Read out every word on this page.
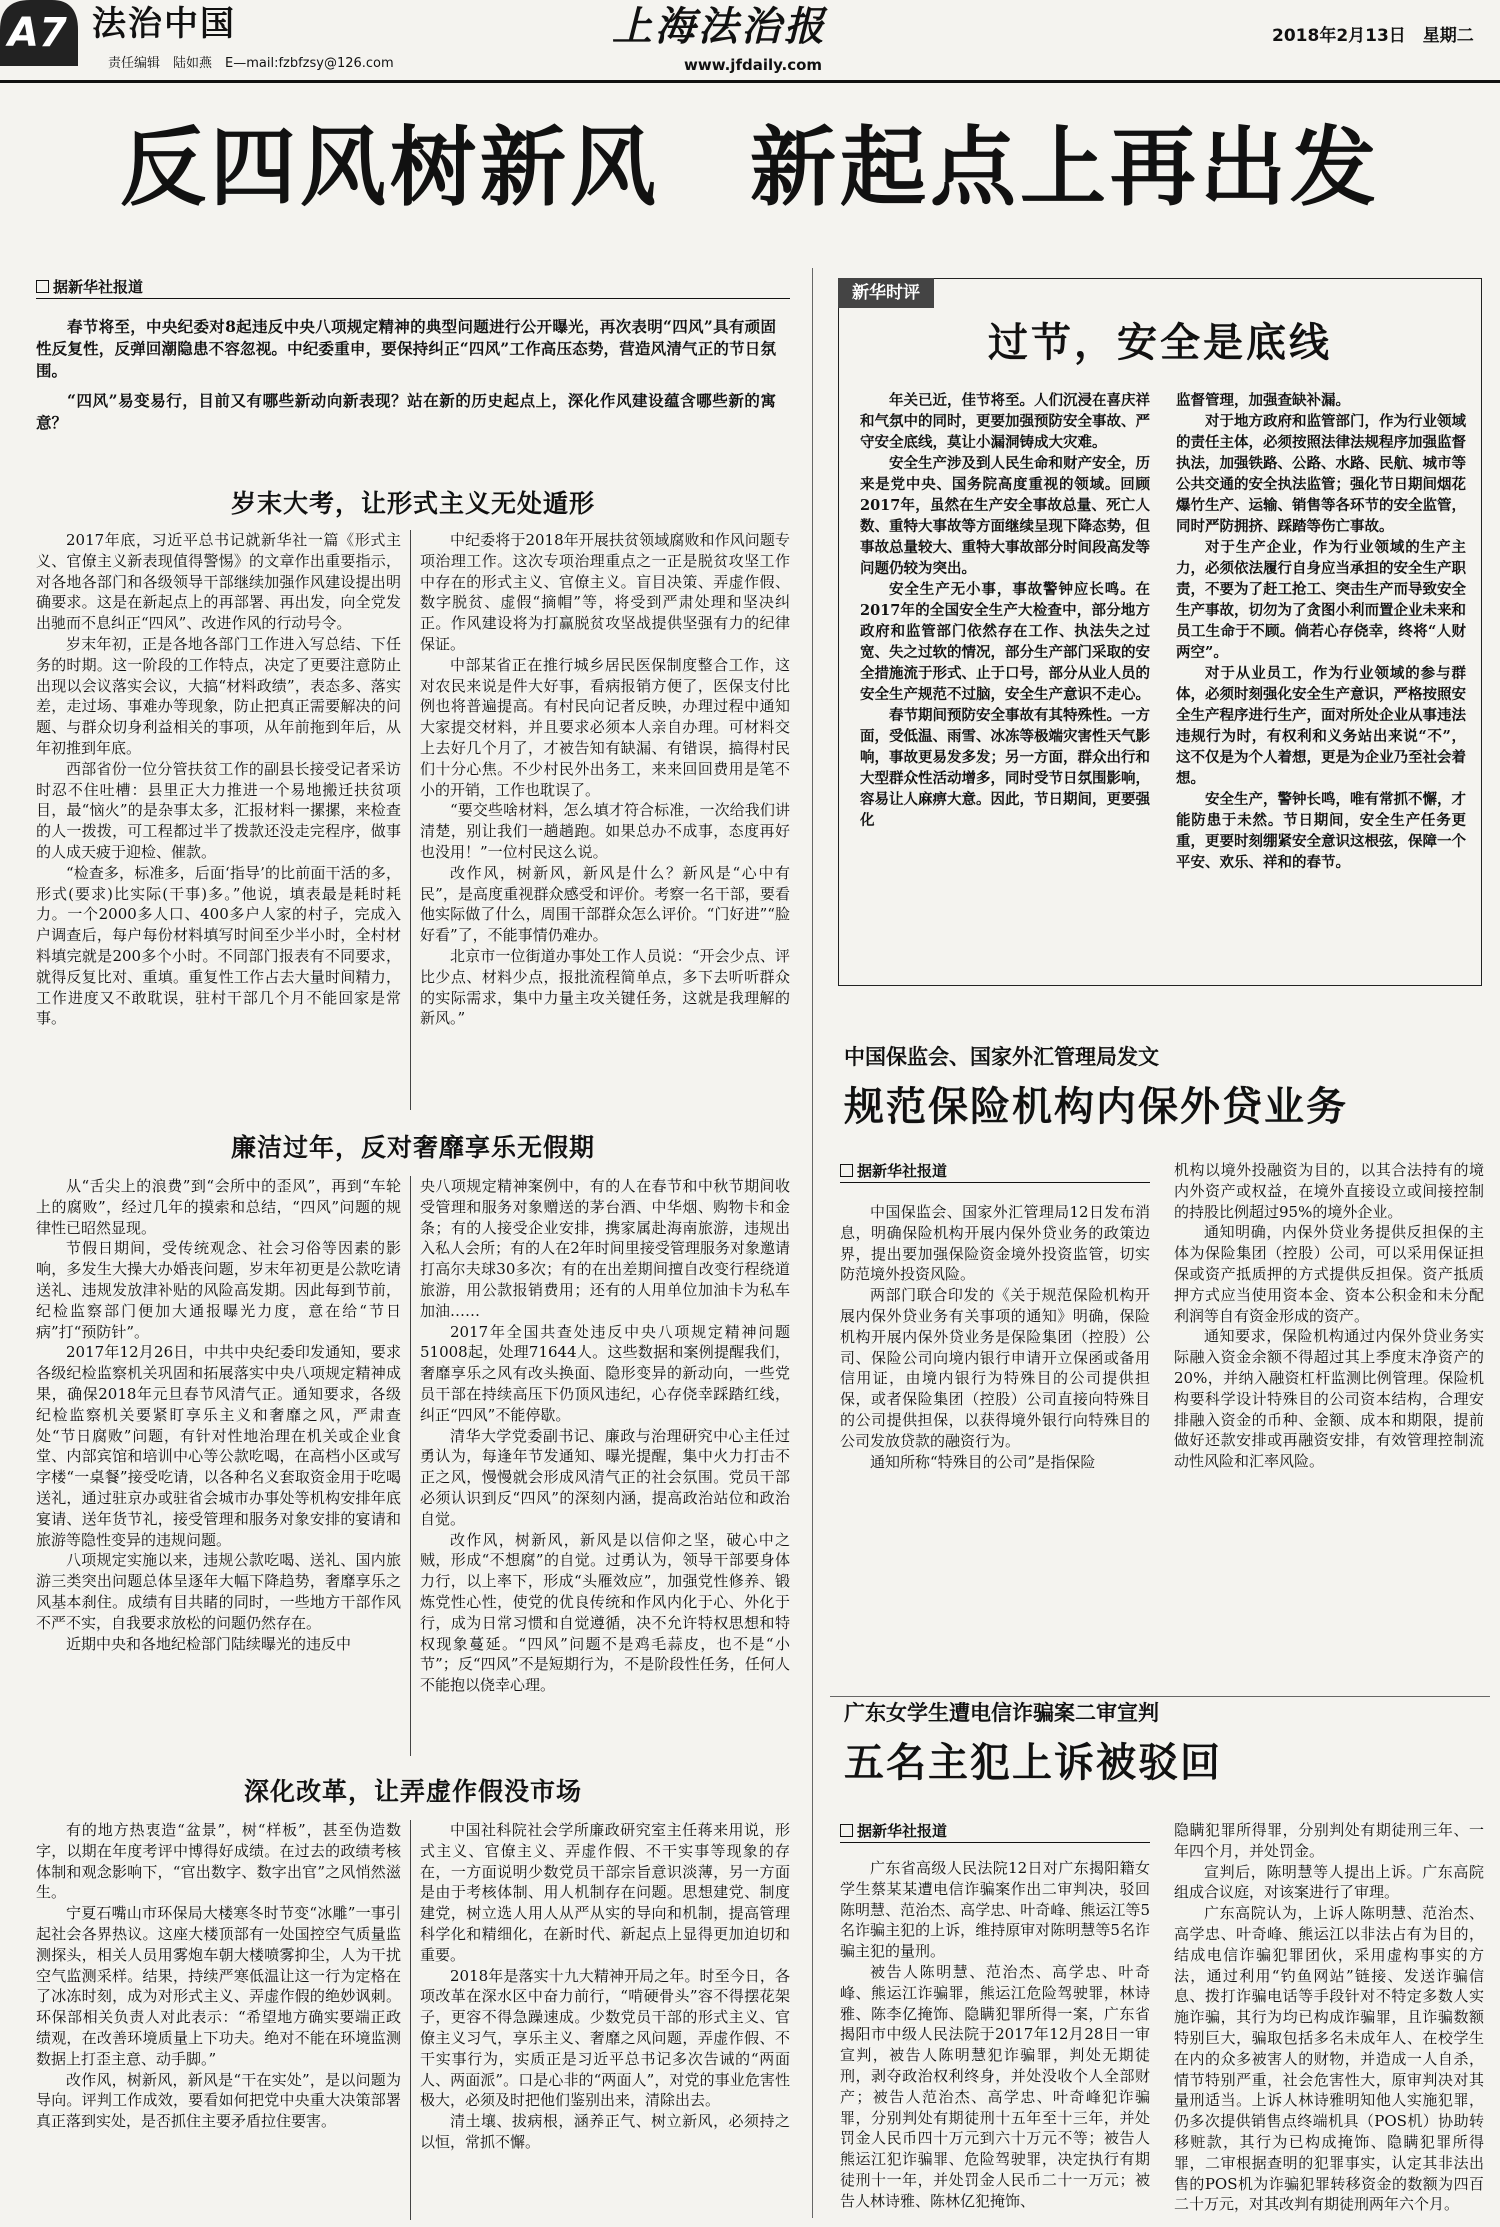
A7 法治中国
责任编辑　陆如燕　E—mail:fzbfzsy@126.com
上海法治报
www.jfdaily.com
2018年2月13日　星期二
反四风树新风　新起点上再出发
据新华社报道
春节将至，中央纪委对8起违反中央八项规定精神的典型问题进行公开曝光，再次表明“四风”具有顽固性反复性，反弹回潮隐患不容忽视。中纪委重申，要保持纠正“四风”工作高压态势，营造风清气正的节日氛围。
“四风”易变易行，目前又有哪些新动向新表现？站在新的历史起点上，深化作风建设蕴含哪些新的寓意？
岁末大考，让形式主义无处遁形

2017年底，习近平总书记就新华社一篇《形式主义、官僚主义新表现值得警惕》的文章作出重要指示，对各地各部门和各级领导干部继续加强作风建设提出明确要求。这是在新起点上的再部署、再出发，向全党发出驰而不息纠正“四风”、改进作风的行动号令。

岁末年初，正是各地各部门工作进入写总结、下任务的时期。这一阶段的工作特点，决定了更要注意防止出现以会议落实会议，大搞“材料政绩”，表态多、落实差，走过场、事难办等现象，防止把真正需要解决的问题、与群众切身利益相关的事项，从年前拖到年后，从年初推到年底。

西部省份一位分管扶贫工作的副县长接受记者采访时忍不住吐槽：县里正大力推进一个易地搬迁扶贫项目，最“恼火”的是杂事太多，汇报材料一摞摞，来检查的人一拨拨，可工程都过半了拨款还没走完程序，做事的人成天疲于迎检、催款。

“检查多，标准多，后面‘指导’的比前面干活的多，形式(要求)比实际(干事)多。”他说，填表最是耗时耗力。一个2000多人口、400多户人家的村子，完成入户调查后，每户每份材料填写时间至少半小时，全村材料填完就是200多个小时。不同部门报表有不同要求，就得反复比对、重填。重复性工作占去大量时间精力，工作进度又不敢耽误，驻村干部几个月不能回家是常事。

中纪委将于2018年开展扶贫领域腐败和作风问题专项治理工作。这次专项治理重点之一正是脱贫攻坚工作中存在的形式主义、官僚主义。盲目决策、弄虚作假、数字脱贫、虚假“摘帽”等，将受到严肃处理和坚决纠正。作风建设将为打赢脱贫攻坚战提供坚强有力的纪律保证。

中部某省正在推行城乡居民医保制度整合工作，这对农民来说是件大好事，看病报销方便了，医保支付比例也将普遍提高。有村民向记者反映，办理过程中通知大家提交材料，并且要求必须本人亲自办理。可材料交上去好几个月了，才被告知有缺漏、有错误，搞得村民们十分心焦。不少村民外出务工，来来回回费用是笔不小的开销，工作也耽误了。

“要交些啥材料，怎么填才符合标准，一次给我们讲清楚，别让我们一趟趟跑。如果总办不成事，态度再好也没用！”一位村民这么说。

改作风，树新风，新风是什么？新风是“心中有民”，是高度重视群众感受和评价。考察一名干部，要看他实际做了什么，周围干部群众怎么评价。“门好进”“脸好看”了，不能事情仍难办。

北京市一位街道办事处工作人员说：“开会少点、评比少点、材料少点，报批流程简单点，多下去听听群众的实际需求，集中力量主攻关键任务，这就是我理解的新风。”

廉洁过年，反对奢靡享乐无假期

从“舌尖上的浪费”到“会所中的歪风”，再到“车轮上的腐败”，经过几年的摸索和总结，“四风”问题的规律性已昭然显现。

节假日期间，受传统观念、社会习俗等因素的影响，多发生大操大办婚丧问题，岁末年初更是公款吃请送礼、违规发放津补贴的风险高发期。因此每到节前，纪检监察部门便加大通报曝光力度，意在给“节日病”打“预防针”。

2017年12月26日，中共中央纪委印发通知，要求各级纪检监察机关巩固和拓展落实中央八项规定精神成果，确保2018年元旦春节风清气正。通知要求，各级纪检监察机关要紧盯享乐主义和奢靡之风，严肃查处“节日腐败”问题，有针对性地治理在机关或企业食堂、内部宾馆和培训中心等公款吃喝，在高档小区或写字楼“一桌餐”接受吃请，以各种名义套取资金用于吃喝送礼，通过驻京办或驻省会城市办事处等机构安排年底宴请、送年货节礼，接受管理和服务对象安排的宴请和旅游等隐性变异的违规问题。

八项规定实施以来，违规公款吃喝、送礼、国内旅游三类突出问题总体呈逐年大幅下降趋势，奢靡享乐之风基本刹住。成绩有目共睹的同时，一些地方干部作风不严不实，自我要求放松的问题仍然存在。

近期中央和各地纪检部门陆续曝光的违反中

央八项规定精神案例中，有的人在春节和中秋节期间收受管理和服务对象赠送的茅台酒、中华烟、购物卡和金条；有的人接受企业安排，携家属赴海南旅游，违规出入私人会所；有的人在2年时间里接受管理服务对象邀请打高尔夫球30多次；有的在出差期间擅自改变行程绕道旅游，用公款报销费用；还有的人用单位加油卡为私车加油……

2017年全国共查处违反中央八项规定精神问题51008起，处理71644人。这些数据和案例提醒我们，奢靡享乐之风有改头换面、隐形变异的新动向，一些党员干部在持续高压下仍顶风违纪，心存侥幸踩踏红线，纠正“四风”不能停歇。

清华大学党委副书记、廉政与治理研究中心主任过勇认为，每逢年节发通知、曝光提醒，集中火力打击不正之风，慢慢就会形成风清气正的社会氛围。党员干部必须认识到反“四风”的深刻内涵，提高政治站位和政治自觉。

改作风，树新风，新风是以信仰之坚，破心中之贼，形成“不想腐”的自觉。过勇认为，领导干部要身体力行，以上率下，形成“头雁效应”，加强党性修养、锻炼党性心性，使党的优良传统和作风内化于心、外化于行，成为日常习惯和自觉遵循，决不允许特权思想和特权现象蔓延。“四风”问题不是鸡毛蒜皮，也不是“小节”；反“四风”不是短期行为，不是阶段性任务，任何人不能抱以侥幸心理。

深化改革，让弄虚作假没市场

有的地方热衷造“盆景”，树“样板”，甚至伪造数字，以期在年度考评中博得好成绩。在过去的政绩考核体制和观念影响下，“官出数字、数字出官”之风悄然滋生。

宁夏石嘴山市环保局大楼寒冬时节变“冰雕”一事引起社会各界热议。这座大楼顶部有一处国控空气质量监测探头，相关人员用雾炮车朝大楼喷雾抑尘，人为干扰空气监测采样。结果，持续严寒低温让这一行为定格在了冰冻时刻，成为对形式主义、弄虚作假的绝妙讽刺。环保部相关负责人对此表示：“希望地方确实要端正政绩观，在改善环境质量上下功夫。绝对不能在环境监测数据上打歪主意、动手脚。”

改作风，树新风，新风是“干在实处”，是以问题为导向。评判工作成效，要看如何把党中央重大决策部署真正落到实处，是否抓住主要矛盾拉住要害。

中国社科院社会学所廉政研究室主任蒋来用说，形式主义、官僚主义、弄虚作假、不干实事等现象的存在，一方面说明少数党员干部宗旨意识淡薄，另一方面是由于考核体制、用人机制存在问题。思想建党、制度建党，树立选人用人从严从实的导向和机制，提高管理科学化和精细化，在新时代、新起点上显得更加迫切和重要。

2018年是落实十九大精神开局之年。时至今日，各项改革在深水区中奋力前行，“啃硬骨头”容不得摆花架子，更容不得急躁速成。少数党员干部的形式主义、官僚主义习气，享乐主义、奢靡之风问题，弄虚作假、不干实事行为，实质正是习近平总书记多次告诫的“两面人、两面派”。口是心非的“两面人”，对党的事业危害性极大，必须及时把他们鉴别出来，清除出去。

清土壤、拔病根，涵养正气、树立新风，必须持之以恒，常抓不懈。

新华时评
过节，安全是底线

年关已近，佳节将至。人们沉浸在喜庆祥和气氛中的同时，更要加强预防安全事故、严守安全底线，莫让小漏洞铸成大灾难。

安全生产涉及到人民生命和财产安全，历来是党中央、国务院高度重视的领域。回顾2017年，虽然在生产安全事故总量、死亡人数、重特大事故等方面继续呈现下降态势，但事故总量较大、重特大事故部分时间段高发等问题仍较为突出。

安全生产无小事，事故警钟应长鸣。在2017年的全国安全生产大检查中，部分地方政府和监管部门依然存在工作、执法失之过宽、失之过软的情况，部分生产部门采取的安全措施流于形式、止于口号，部分从业人员的安全生产规范不过脑，安全生产意识不走心。

春节期间预防安全事故有其特殊性。一方面，受低温、雨雪、冰冻等极端灾害性天气影响，事故更易发多发；另一方面，群众出行和大型群众性活动增多，同时受节日氛围影响，容易让人麻痹大意。因此，节日期间，更要强化

监督管理，加强查缺补漏。

对于地方政府和监管部门，作为行业领域的责任主体，必须按照法律法规程序加强监督执法，加强铁路、公路、水路、民航、城市等公共交通的安全执法监管；强化节日期间烟花爆竹生产、运输、销售等各环节的安全监管，同时严防拥挤、踩踏等伤亡事故。

对于生产企业，作为行业领域的生产主力，必须依法履行自身应当承担的安全生产职责，不要为了赶工抢工、突击生产而导致安全生产事故，切勿为了贪图小利而置企业未来和员工生命于不顾。倘若心存侥幸，终将“人财两空”。

对于从业员工，作为行业领域的参与群体，必须时刻强化安全生产意识，严格按照安全生产程序进行生产，面对所处企业从事违法违规行为时，有权利和义务站出来说“不”，这不仅是为个人着想，更是为企业乃至社会着想。

安全生产，警钟长鸣，唯有常抓不懈，才能防患于未然。节日期间，安全生产任务更重，更要时刻绷紧安全意识这根弦，保障一个平安、欢乐、祥和的春节。

中国保监会、国家外汇管理局发文
规范保险机构内保外贷业务
据新华社报道

中国保监会、国家外汇管理局12日发布消息，明确保险机构开展内保外贷业务的政策边界，提出要加强保险资金境外投资监管，切实防范境外投资风险。

两部门联合印发的《关于规范保险机构开展内保外贷业务有关事项的通知》明确，保险机构开展内保外贷业务是保险集团（控股）公司、保险公司向境内银行申请开立保函或备用信用证，由境内银行为特殊目的公司提供担保，或者保险集团（控股）公司直接向特殊目的公司提供担保，以获得境外银行向特殊目的公司发放贷款的融资行为。

通知所称“特殊目的公司”是指保险

机构以境外投融资为目的，以其合法持有的境内外资产或权益，在境外直接设立或间接控制的持股比例超过95%的境外企业。

通知明确，内保外贷业务提供反担保的主体为保险集团（控股）公司，可以采用保证担保或资产抵质押的方式提供反担保。资产抵质押方式应当使用资本金、资本公积金和未分配利润等自有资金形成的资产。

通知要求，保险机构通过内保外贷业务实际融入资金余额不得超过其上季度末净资产的20%，并纳入融资杠杆监测比例管理。保险机构要科学设计特殊目的公司资本结构，合理安排融入资金的币种、金额、成本和期限，提前做好还款安排或再融资安排，有效管理控制流动性风险和汇率风险。

广东女学生遭电信诈骗案二审宣判
五名主犯上诉被驳回
据新华社报道

广东省高级人民法院12日对广东揭阳籍女学生蔡某某遭电信诈骗案作出二审判决，驳回陈明慧、范治杰、高学忠、叶奇峰、熊运江等5名诈骗主犯的上诉，维持原审对陈明慧等5名诈骗主犯的量刑。

被告人陈明慧、范治杰、高学忠、叶奇峰、熊运江诈骗罪，熊运江危险驾驶罪，林诗雅、陈李亿掩饰、隐瞒犯罪所得一案，广东省揭阳市中级人民法院于2017年12月28日一审宣判，被告人陈明慧犯诈骗罪，判处无期徒刑，剥夺政治权利终身，并处没收个人全部财产；被告人范治杰、高学忠、叶奇峰犯诈骗罪，分别判处有期徒刑十五年至十三年，并处罚金人民币四十万元到六十万元不等；被告人熊运江犯诈骗罪、危险驾驶罪，决定执行有期徒刑十一年，并处罚金人民币二十一万元；被告人林诗雅、陈林亿犯掩饰、

隐瞒犯罪所得罪，分别判处有期徒刑三年、一年四个月，并处罚金。

宣判后，陈明慧等人提出上诉。广东高院组成合议庭，对该案进行了审理。

广东高院认为，上诉人陈明慧、范治杰、高学忠、叶奇峰、熊运江以非法占有为目的，结成电信诈骗犯罪团伙，采用虚构事实的方法，通过利用“钓鱼网站”链接、发送诈骗信息、拨打诈骗电话等手段针对不特定多数人实施诈骗，其行为均已构成诈骗罪，且诈骗数额特别巨大，骗取包括多名未成年人、在校学生在内的众多被害人的财物，并造成一人自杀，情节特别严重，社会危害性大，原审判决对其量刑适当。上诉人林诗雅明知他人实施犯罪，仍多次提供销售点终端机具（POS机）协助转移赃款，其行为已构成掩饰、隐瞒犯罪所得罪，二审根据查明的犯罪事实，认定其非法出售的POS机为诈骗犯罪转移资金的数额为四百二十万元，对其改判有期徒刑两年六个月。
